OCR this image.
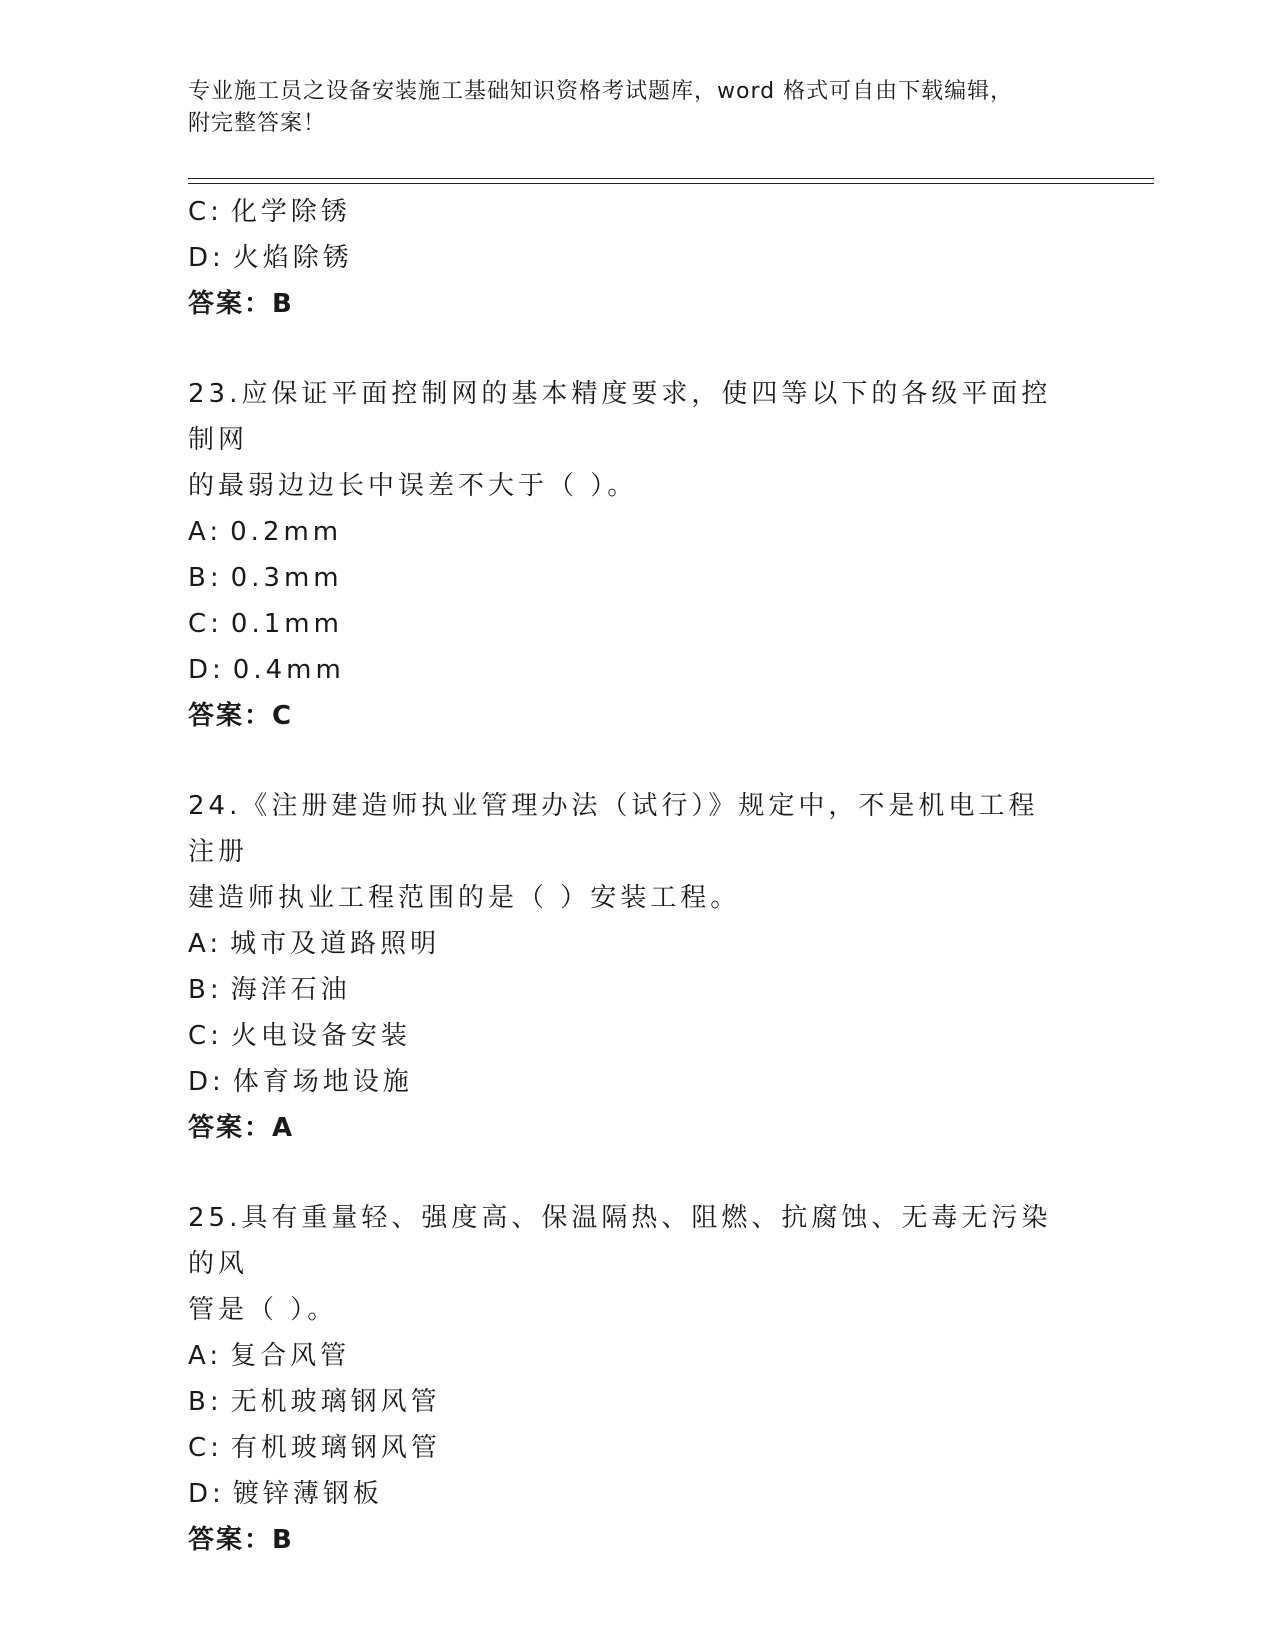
专业施工员之设备安装施工基础知识资格考试题库，word 格式可自由下载编辑，
附完整答案！
C: 化学除锈
D: 火焰除锈
答案：B
23.应保证平面控制网的基本精度要求，使四等以下的各级平面控制网
的最弱边边长中误差不大于（ ）。
A: 0.2mm
B: 0.3mm
C: 0.1mm
D: 0.4mm
答案：C
24.《注册建造师执业管理办法（试行）》规定中，不是机电工程注册
建造师执业工程范围的是（ ）安装工程。
A: 城市及道路照明
B: 海洋石油
C: 火电设备安装
D: 体育场地设施
答案：A
25.具有重量轻、强度高、保温隔热、阻燃、抗腐蚀、无毒无污染的风
管是（ ）。
A: 复合风管
B: 无机玻璃钢风管
C: 有机玻璃钢风管
D: 镀锌薄钢板
答案：B
